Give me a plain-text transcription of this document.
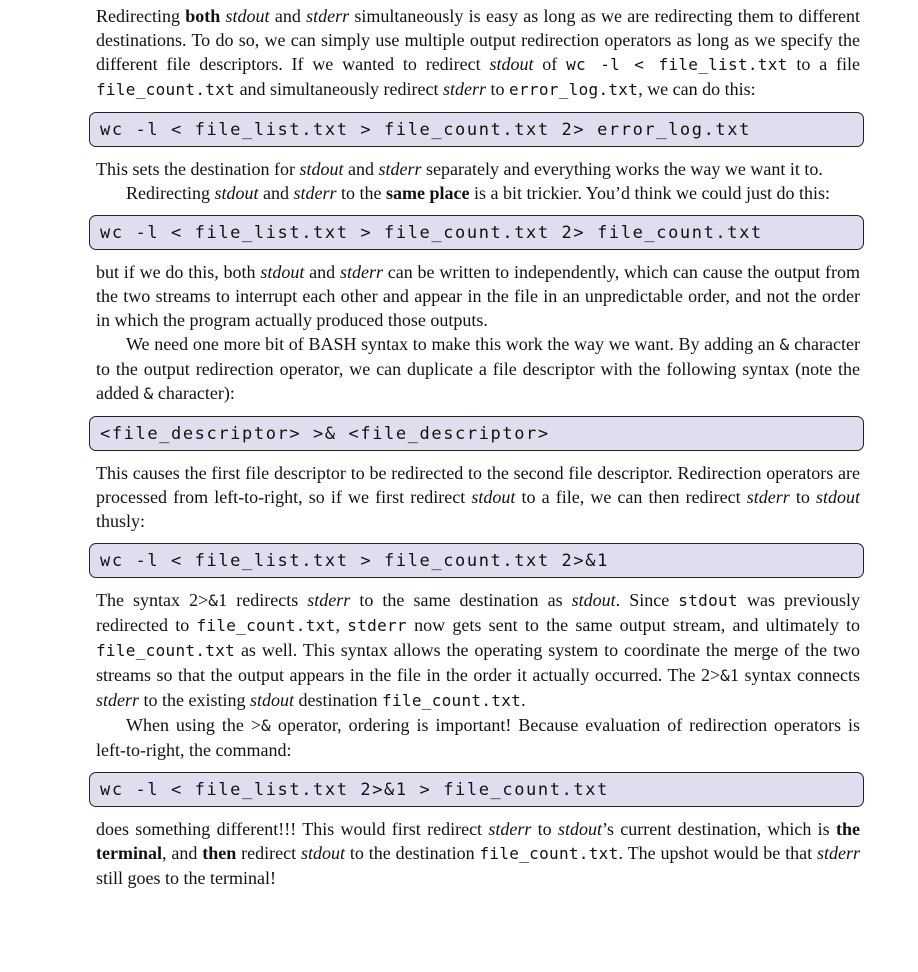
Redirecting both stdout and stderr simultaneously is easy as long as we are redirecting them to different destinations. To do so, we can simply use multiple output redirection operators as long as we specify the different file descriptors. If we wanted to redirect stdout of wc -l < file_list.txt to a file file_count.txt and simultaneously redirect stderr to error_log.txt, we can do this:

wc -l < file_list.txt > file_count.txt 2> error_log.txt

This sets the destination for stdout and stderr separately and everything works the way we want it to.

Redirecting stdout and stderr to the same place is a bit trickier. You’d think we could just do this:

wc -l < file_list.txt > file_count.txt 2> file_count.txt

but if we do this, both stdout and stderr can be written to independently, which can cause the output from the two streams to interrupt each other and appear in the file in an unpredictable order, and not the order in which the program actually produced those outputs.

We need one more bit of BASH syntax to make this work the way we want. By adding an & character to the output redirection operator, we can duplicate a file descriptor with the following syntax (note the added & character):

<file_descriptor> >& <file_descriptor>

This causes the first file descriptor to be redirected to the second file descriptor. Redirection operators are processed from left-to-right, so if we first redirect stdout to a file, we can then redirect stderr to stdout thusly:

wc -l < file_list.txt > file_count.txt 2>&1

The syntax 2>&1 redirects stderr to the same destination as stdout. Since stdout was previously redirected to file_count.txt, stderr now gets sent to the same output stream, and ultimately to file_count.txt as well. This syntax allows the operating system to coordinate the merge of the two streams so that the output appears in the file in the order it actually occurred. The 2>&1 syntax connects stderr to the existing stdout destination file_count.txt.

When using the >& operator, ordering is important! Because evaluation of redirection operators is left-to-right, the command:

wc -l < file_list.txt 2>&1 > file_count.txt

does something different!!! This would first redirect stderr to stdout’s current destination, which is the terminal, and then redirect stdout to the destination file_count.txt. The upshot would be that stderr still goes to the terminal!
